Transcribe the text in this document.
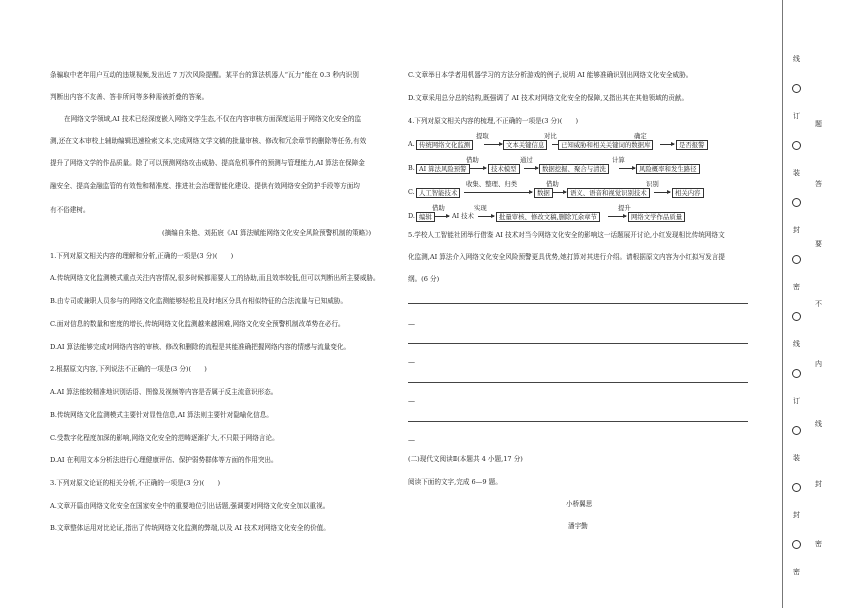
条骗取中老年用户互动的违规视频,发出近 7 万次风险提醒。某平台的算法机器人“瓦力”能在 0.3 秒内识别

判断出内容不友善、答非所问等多种需被折叠的答案。

在网络文学领域,AI 技术已经深度嵌入网络文学生态,不仅在内容审核方面深度运用于网络文化安全的监

测,还在文本审校上辅助编辑迅速检索文本,完成网络文学文稿的批量审核、修改和冗余章节的删除等任务,有效

提升了网络文学的作品质量。除了可以预测网络攻击威胁、提高危机事件的预测与管理能力,AI 算法在保障金

融安全、提高金融监管的有效性和精准度、推进社会治理智能化建设、提供有效网络安全防护手段等方面均

有不俗建树。

(摘编自朱艳、刘拓宸《AI 算法赋能网络文化安全风险预警机制的策略》)

1.下列对原文相关内容的理解和分析,正确的一项是(3 分)(　　)

A.传统网络文化监测模式重点关注内容情况,很多时候都需要人工的协助,而且效率较低,但可以判断出所主要威胁。

B.由专司或兼职人员参与的网络文化监测能够轻松且及时地区分具有相似特征的合法流量与已知威胁。

C.面对信息的数量和密度的增长,传统网络文化监测越来越困难,网络文化安全预警机制改革势在必行。

D.AI 算法能够完成对网络内容的审核、修改和删除的流程是其能准确把握网络内容的情感与流量变化。

2.根据原文内容,下列说法不正确的一项是(3 分)(　　)

A.AI 算法能较精准地识别话语、图像及视频等内容是否属于反主流意识形态。

B.传统网络文化监测模式主要针对显性信息,AI 算法则主要针对隐喻化信息。

C.受数字化程度加深的影响,网络文化安全的范畴逐渐扩大,不只限于网络言论。

D.AI 在利用文本分析法进行心理健康评估、保护弱势群体等方面的作用突出。

3.下列对原文论证的相关分析,不正确的一项是(3 分)(　　)

A.文章开篇由网络文化安全在国家安全中的重要地位引出话题,强调要对网络文化安全加以重视。

B.文章整体运用对比论证,指出了传统网络文化监测的弊端,以及 AI 技术对网络文化安全的价值。

C.文章举日本学者用机器学习的方法分析游戏的例子,说明 AI 能够准确识别出网络文化安全威胁。

D.文章采用总分总的结构,既强调了 AI 技术对网络文化安全的保障,又指出其在其他领域的贡献。

4.下列对原文相关内容的梳理,不正确的一项是(3 分)(　　)

A. 传统网络文化监测
提取
文本关键信息
对比
已知威胁和相关关键词的数据库
确定
是否报警
B. AI 算法风险预警
借助
技术模型
通过
数据挖掘、聚合与清洗
计算
风险概率和发生路径
C. 人工智能技术
收集、整理、归类
数据
借助
语义、语音和视觉识别技术
识别
相关内容
D. 编辑
借助
AI 技术
实现
批量审核、修改文稿,删除冗余章节
提升
网络文学作品质量

5.学校人工智能社团举行借鉴 AI 技术对当今网络文化安全的影响这一话题展开讨论,小红发现相比传统网络文

化监测,AI 算法介入网络文化安全风险预警更具优势,她打算对其进行介绍。请根据原文内容为小红拟写发言提

纲。(6 分)

—
—
—
—

(二)现代文阅读Ⅱ(本题共 4 小题,17 分)

阅读下面的文字,完成 6—9 题。

小桥翼思

潘宇勤

线
订
装
封
密
线
订
装
封
密
题
答
要
不
内
线
封
密
